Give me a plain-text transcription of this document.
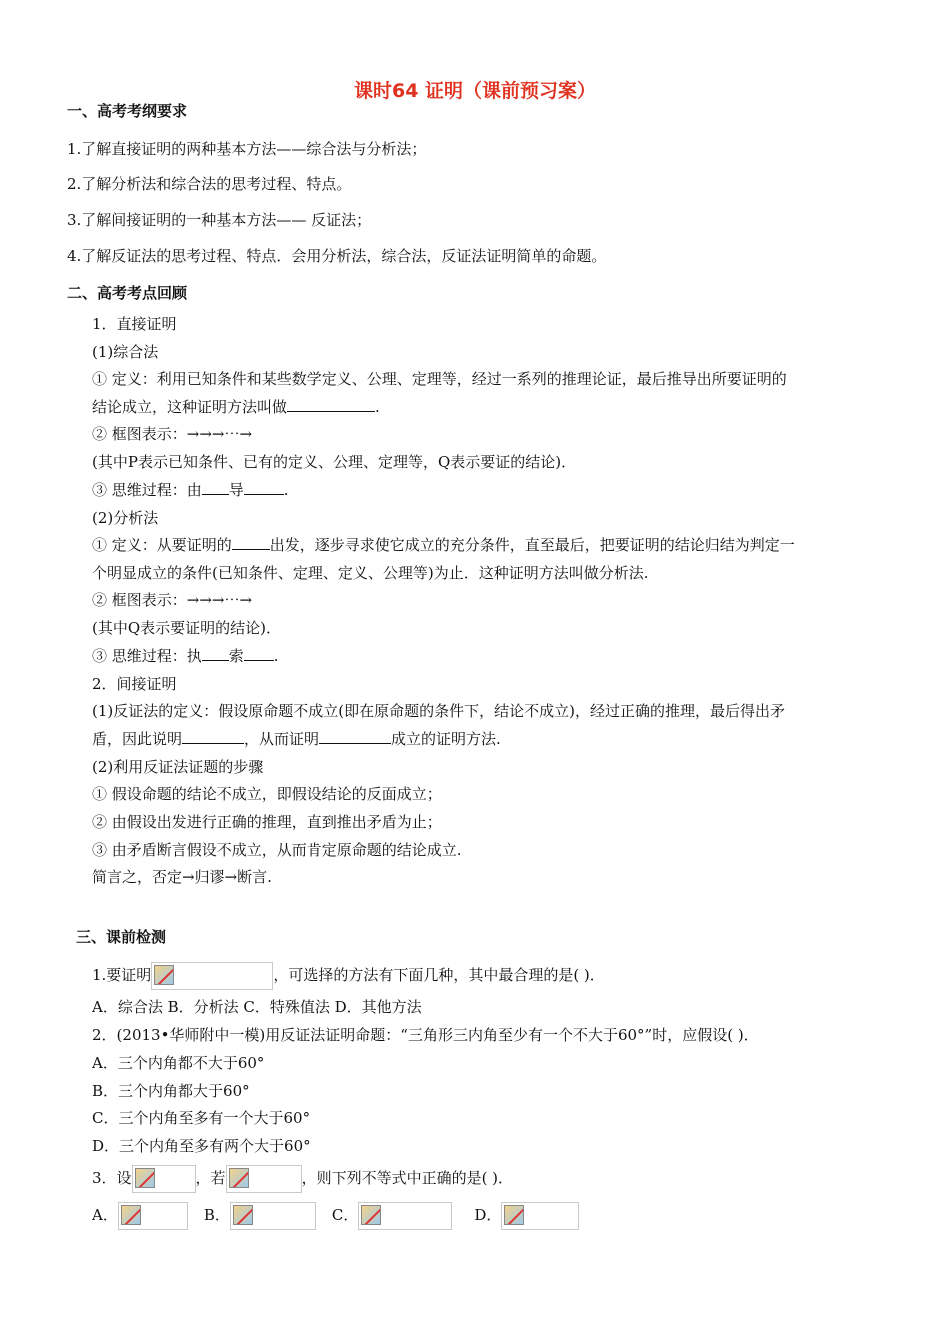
课时64 证明（课前预习案）
一、高考考纲要求
1.了解直接证明的两种基本方法——综合法与分析法；
2.了解分析法和综合法的思考过程、特点。
3.了解间接证明的一种基本方法—— 反证法；
4.了解反证法的思考过程、特点．会用分析法，综合法，反证法证明简单的命题。
二、高考考点回顾
1．直接证明
(1)综合法
① 定义：利用已知条件和某些数学定义、公理、定理等，经过一系列的推理论证，最后推导出所要证明的
结论成立，这种证明方法叫做	.
② 框图表示：→→→⋯→
(其中P表示已知条件、已有的定义、公理、定理等，Q表示要证的结论)．
③ 思维过程：由 导	.
(2)分析法
① 定义：从要证明的	出发，逐步寻求使它成立的充分条件，直至最后，把要证明的结论归结为判定一
个明显成立的条件(已知条件、定理、定义、公理等)为止．这种证明方法叫做分析法.
② 框图表示：→→→⋯→
(其中Q表示要证明的结论)．
③ 思维过程：执 索 .
2．间接证明
(1)反证法的定义：假设原命题不成立(即在原命题的条件下，结论不成立)，经过正确的推理，最后得出矛
盾，因此说明	，从而证明	成立的证明方法.
(2)利用反证法证题的步骤
① 假设命题的结论不成立，即假设结论的反面成立；
② 由假设出发进行正确的推理，直到推出矛盾为止；
③ 由矛盾断言假设不成立，从而肯定原命题的结论成立.
简言之，否定→归谬→断言.
三、课前检测
1.要证明	，可选择的方法有下面几种，其中最合理的是( )．
A．综合法 B．分析法 C．特殊值法 D．其他方法
2．(2013•华师附中一模)用反证法证明命题：“三角形三内角至少有一个不大于60°”时，应假设( )．
A．三个内角都不大于60°
B．三个内角都大于60°
C．三个内角至多有一个大于60°
D．三个内角至多有两个大于60°
3．设	，若	，则下列不等式中正确的是( )．
A．	B．	C．	D．
